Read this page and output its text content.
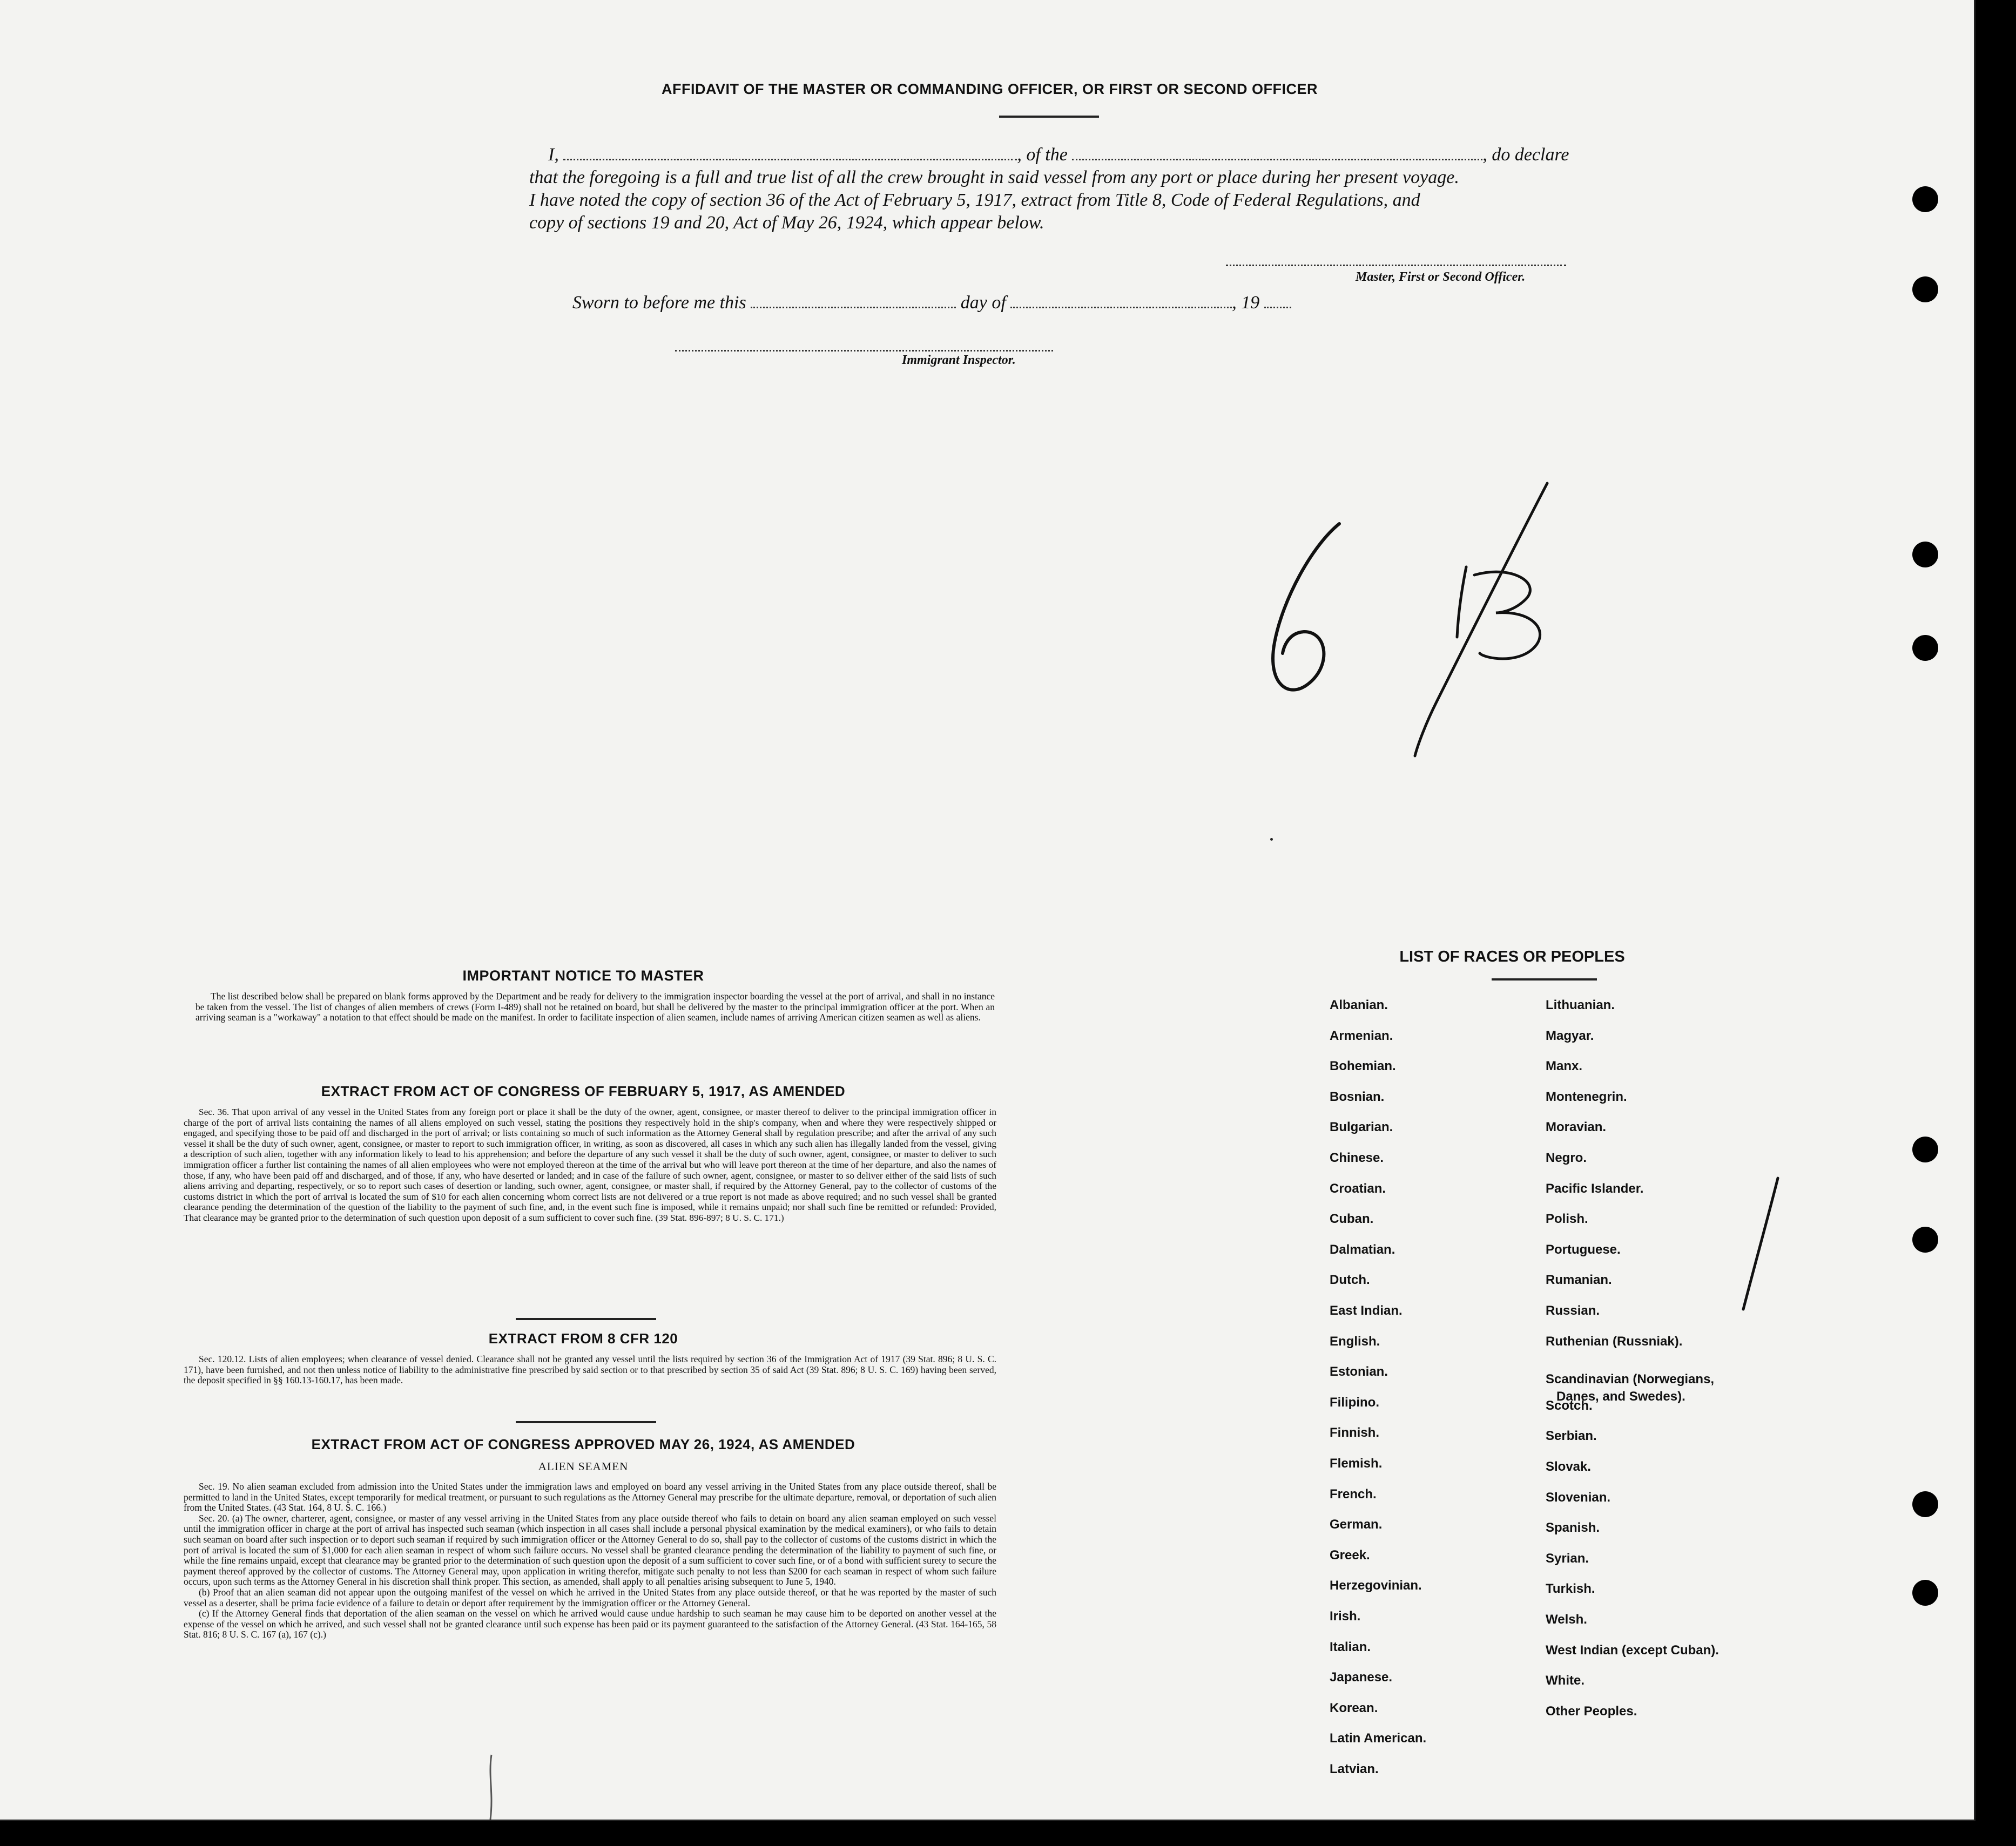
AFFIDAVIT OF THE MASTER OR COMMANDING OFFICER, OR FIRST OR SECOND OFFICER
I,	, of the	, do declare
that the foregoing is a full and true list of all the crew brought in said vessel from any port or place during her present voyage.
I have noted the copy of section 36 of the Act of February 5, 1917, extract from Title 8, Code of Federal Regulations, and
copy of sections 19 and 20, Act of May 26, 1924, which appear below.
Master, First or Second Officer.
Sworn to before me this	day of	, 19
Immigrant Inspector.
IMPORTANT NOTICE TO MASTER
The list described below shall be prepared on blank forms approved by the Department and be ready for delivery to the immigration inspector boarding the vessel at the port of arrival, and shall in no instance be taken from the vessel. The list of changes of alien members of crews (Form I-489) shall not be retained on board, but shall be delivered by the master to the principal immigration officer at the port. When an arriving seaman is a "workaway" a notation to that effect should be made on the manifest. In order to facilitate inspection of alien seamen, include names of arriving American citizen seamen as well as aliens.
EXTRACT FROM ACT OF CONGRESS OF FEBRUARY 5, 1917, AS AMENDED
Sec. 36. That upon arrival of any vessel in the United States from any foreign port or place it shall be the duty of the owner, agent, consignee, or master thereof to deliver to the principal immigration officer in charge of the port of arrival lists containing the names of all aliens employed on such vessel, stating the positions they respectively hold in the ship's company, when and where they were respectively shipped or engaged, and specifying those to be paid off and discharged in the port of arrival; or lists containing so much of such information as the Attorney General shall by regulation prescribe; and after the arrival of any such vessel it shall be the duty of such owner, agent, consignee, or master to report to such immigration officer, in writing, as soon as discovered, all cases in which any such alien has illegally landed from the vessel, giving a description of such alien, together with any information likely to lead to his apprehension; and before the departure of any such vessel it shall be the duty of such owner, agent, consignee, or master to deliver to such immigration officer a further list containing the names of all alien employees who were not employed thereon at the time of the arrival but who will leave port thereon at the time of her departure, and also the names of those, if any, who have been paid off and discharged, and of those, if any, who have deserted or landed; and in case of the failure of such owner, agent, consignee, or master to so deliver either of the said lists of such aliens arriving and departing, respectively, or so to report such cases of desertion or landing, such owner, agent, consignee, or master shall, if required by the Attorney General, pay to the collector of customs of the customs district in which the port of arrival is located the sum of $10 for each alien concerning whom correct lists are not delivered or a true report is not made as above required; and no such vessel shall be granted clearance pending the determination of the question of the liability to the payment of such fine, and, in the event such fine is imposed, while it remains unpaid; nor shall such fine be remitted or refunded: Provided, That clearance may be granted prior to the determination of such question upon deposit of a sum sufficient to cover such fine. (39 Stat. 896-897; 8 U. S. C. 171.)
EXTRACT FROM 8 CFR 120
Sec. 120.12. Lists of alien employees; when clearance of vessel denied. Clearance shall not be granted any vessel until the lists required by section 36 of the Immigration Act of 1917 (39 Stat. 896; 8 U. S. C. 171), have been furnished, and not then unless notice of liability to the administrative fine prescribed by said section or to that prescribed by section 35 of said Act (39 Stat. 896; 8 U. S. C. 169) having been served, the deposit specified in §§ 160.13-160.17, has been made.
EXTRACT FROM ACT OF CONGRESS APPROVED MAY 26, 1924, AS AMENDED
ALIEN SEAMEN
Sec. 19. No alien seaman excluded from admission into the United States under the immigration laws and employed on board any vessel arriving in the United States from any place outside thereof, shall be permitted to land in the United States, except temporarily for medical treatment, or pursuant to such regulations as the Attorney General may prescribe for the ultimate departure, removal, or deportation of such alien from the United States. (43 Stat. 164, 8 U. S. C. 166.)
Sec. 20. (a) The owner, charterer, agent, consignee, or master of any vessel arriving in the United States from any place outside thereof who fails to detain on board any alien seaman employed on such vessel until the immigration officer in charge at the port of arrival has inspected such seaman (which inspection in all cases shall include a personal physical examination by the medical examiners), or who fails to detain such seaman on board after such inspection or to deport such seaman if required by such immigration officer or the Attorney General to do so, shall pay to the collector of customs of the customs district in which the port of arrival is located the sum of $1,000 for each alien seaman in respect of whom such failure occurs. No vessel shall be granted clearance pending the determination of the liability to payment of such fine, or while the fine remains unpaid, except that clearance may be granted prior to the determination of such question upon the deposit of a sum sufficient to cover such fine, or of a bond with sufficient surety to secure the payment thereof approved by the collector of customs. The Attorney General may, upon application in writing therefor, mitigate such penalty to not less than $200 for each seaman in respect of whom such failure occurs, upon such terms as the Attorney General in his discretion shall think proper. This section, as amended, shall apply to all penalties arising subsequent to June 5, 1940.
(b) Proof that an alien seaman did not appear upon the outgoing manifest of the vessel on which he arrived in the United States from any place outside thereof, or that he was reported by the master of such vessel as a deserter, shall be prima facie evidence of a failure to detain or deport after requirement by the immigration officer or the Attorney General.
(c) If the Attorney General finds that deportation of the alien seaman on the vessel on which he arrived would cause undue hardship to such seaman he may cause him to be deported on another vessel at the expense of the vessel on which he arrived, and such vessel shall not be granted clearance until such expense has been paid or its payment guaranteed to the satisfaction of the Attorney General. (43 Stat. 164-165, 58 Stat. 816; 8 U. S. C. 167 (a), 167 (c).)
LIST OF RACES OR PEOPLES
Albanian.
Armenian.
Bohemian.
Bosnian.
Bulgarian.
Chinese.
Croatian.
Cuban.
Dalmatian.
Dutch.
East Indian.
English.
Estonian.
Filipino.
Finnish.
Flemish.
French.
German.
Greek.
Herzegovinian.
Irish.
Italian.
Japanese.
Korean.
Latin American.
Latvian.
Lithuanian.
Magyar.
Manx.
Montenegrin.
Moravian.
Negro.
Pacific Islander.
Polish.
Portuguese.
Rumanian.
Russian.
Ruthenian (Russniak).
Scandinavian (Norwegians,
Danes, and Swedes).
Scotch.
Serbian.
Slovak.
Slovenian.
Spanish.
Syrian.
Turkish.
Welsh.
West Indian (except Cuban).
White.
Other Peoples.
